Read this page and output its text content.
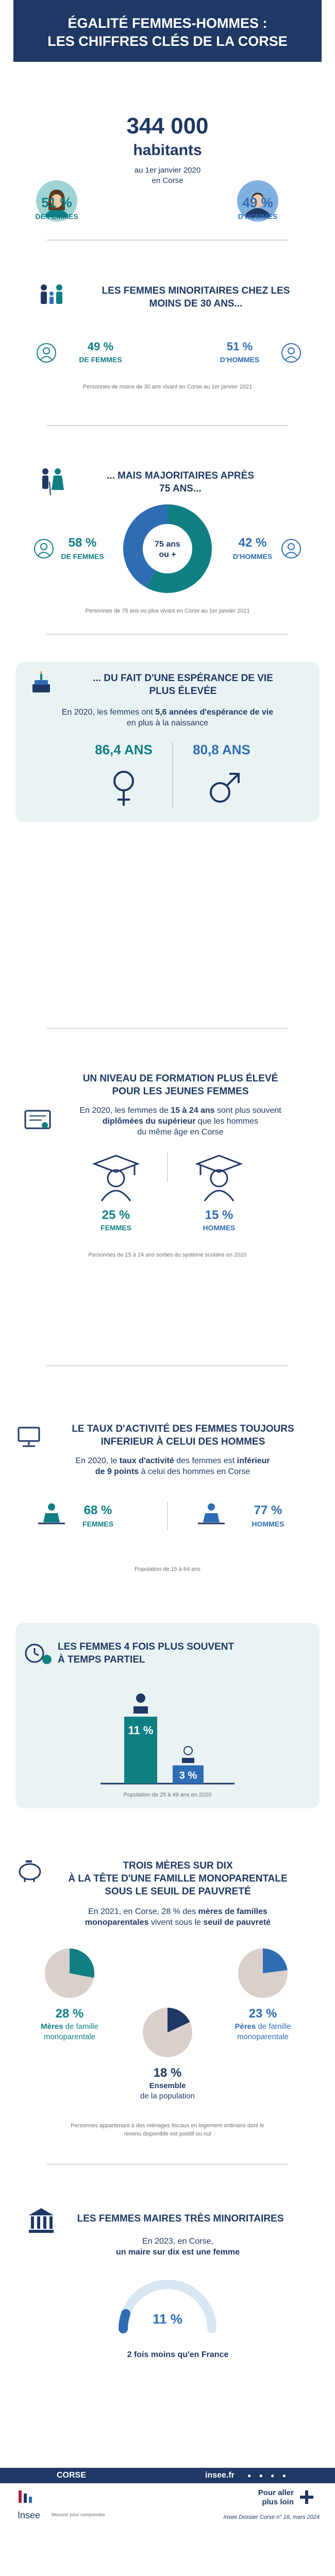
ÉGALITÉ FEMMES-HOMMES :
LES CHIFFRES CLÉS DE LA CORSE
51 %
DE FEMMES
344 000
habitants
au 1er janvier 2020
en Corse
49 %
D'HOMMES
LES FEMMES MINORITAIRES CHEZ LES
MOINS DE 30 ANS...
49 %
DE FEMMES
51 %
D'HOMMES
Personnes de moins de 30 ans vivant en Corse au 1er janvier 2021
... MAIS MAJORITAIRES APRÈS
75 ANS...
58 %
DE FEMMES
75 ans
ou +
42 %
D'HOMMES
Personnes de 75 ans ou plus vivant en Corse au 1er janvier 2021
... DU FAIT D'UNE ESPÉRANCE DE VIE
PLUS ÉLEVÉE
En 2020, les femmes ont 5,6 années d'espérance de vie
en plus à la naissance
86,4 ANS	80,8 ANS
UN NIVEAU DE FORMATION PLUS ÉLEVÉ
POUR LES JEUNES FEMMES
En 2020, les femmes de 15 à 24 ans sont plus souvent
diplômées du supérieur que les hommes
du même âge en Corse
25 %
FEMMES
15 %
HOMMES
Personnes de 15 à 24 ans sorties du système scolaire en 2020
LE TAUX D'ACTIVITÉ DES FEMMES TOUJOURS
INFERIEUR À CELUI DES HOMMES
En 2020, le taux d'activité des femmes est inférieur
de 9 points à celui des hommes en Corse
68 %
FEMMES
77 %
HOMMES
Population de 15 à 64 ans
LES FEMMES 4 FOIS PLUS SOUVENT
À TEMPS PARTIEL
11 %
3 %
Population de 25 à 49 ans en 2020
TROIS MÈRES SUR DIX
À LA TÊTE D'UNE FAMILLE MONOPARENTALE
SOUS LE SEUIL DE PAUVRETÉ
En 2021, en Corse, 28 % des mères de familles
monoparentales vivent sous le seuil de pauvreté
28 %
Mères de famille
monoparentale
23 %
Pères de famille
monoparentale
18 %
Ensemble
de la population
Personnes appartenant à des ménages fiscaux en logement ordinaire dont le
revenu disponible est positif ou nul
LES FEMMES MAIRES TRÈS MINORITAIRES
En 2023, en Corse,
un maire sur dix est une femme
11 %
2 fois moins qu'en France
CORSE	insee.fr ● ● ● ●
Insee Mesurer pour comprendre
Pour aller
plus loin
Insee Dossier Corse n° 16, mars 2024
